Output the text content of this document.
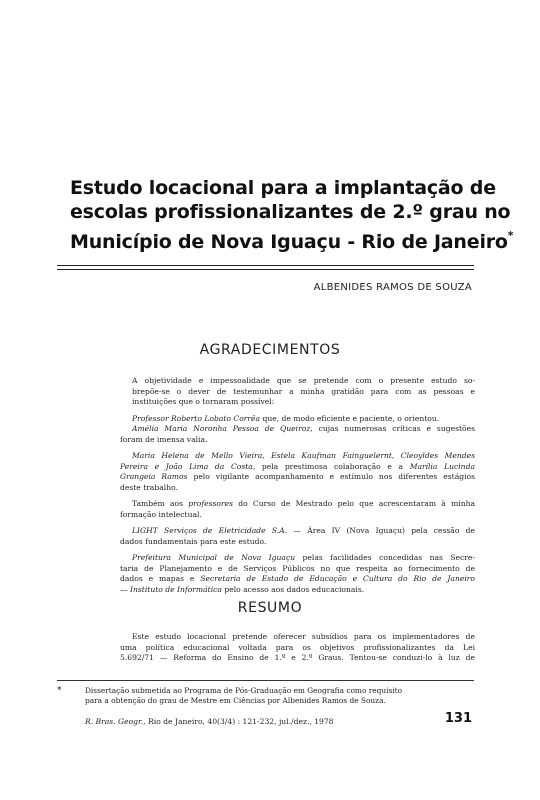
Estudo locacional para a implantação de
escolas profissionalizantes de 2.º grau no
Município de Nova Iguaçu - Rio de Janeiro*
ALBENIDES RAMOS DE SOUZA
AGRADECIMENTOS

A objetividade e impessoalidade que se pretende com o presente estudo so-
brepõe-se o dever de testemunhar a minha gratidão para com as pessoas e
instituições que o tornaram possível:

Professor Roberto Lobato Corrêa que, de modo eficiente e paciente, o orientou.

Amélia Maria Noronha Pessoa de Queiroz, cujas numerosas críticas e sugestões
foram de imensa valia.

Maria Helena de Mello Vieira, Estela Kaufman Fainguelernt, Cleoyldes Mendes
Pereira e João Lima da Costa, pela prestimosa colaboração e a Marília Lucinda
Grangeia Ramos pelo vigilante acompanhamento e estímulo nos diferentes estágios
deste trabalho.

Também aos professores do Curso de Mestrado pelo que acrescentaram à minha
formação intelectual.

LIGHT Serviços de Eletricidade S.A. — Área IV (Nova Iguaçu) pela cessão de
dados fundamentais para este estudo.

Prefeitura Municipal de Nova Iguaçu pelas facilidades concedidas nas Secre-
taria de Planejamento e de Serviços Públicos no que respeita ao fornecimento de
dados e mapas e Secretaria de Estado de Educação e Cultura do Rio de Janeiro
— Instituto de Informática pelo acesso aos dados educacionais.

RESUMO

Este estudo locacional pretende oferecer subsídios para os implementadores de
uma política educacional voltada para os objetivos profissionalizantes da Lei
5.692/71 — Reforma do Ensino de 1.º e 2.º Graus. Tentou-se conduzi-lo à luz de

*	Dissertação submetida ao Programa de Pós-Graduação em Geografia como requisito
para a obtenção do grau de Mestre em Ciências por Albenides Ramos de Souza.
R. Bras. Geogr., Rio de Janeiro, 40(3/4) : 121-232, jul./dez., 1978	131
